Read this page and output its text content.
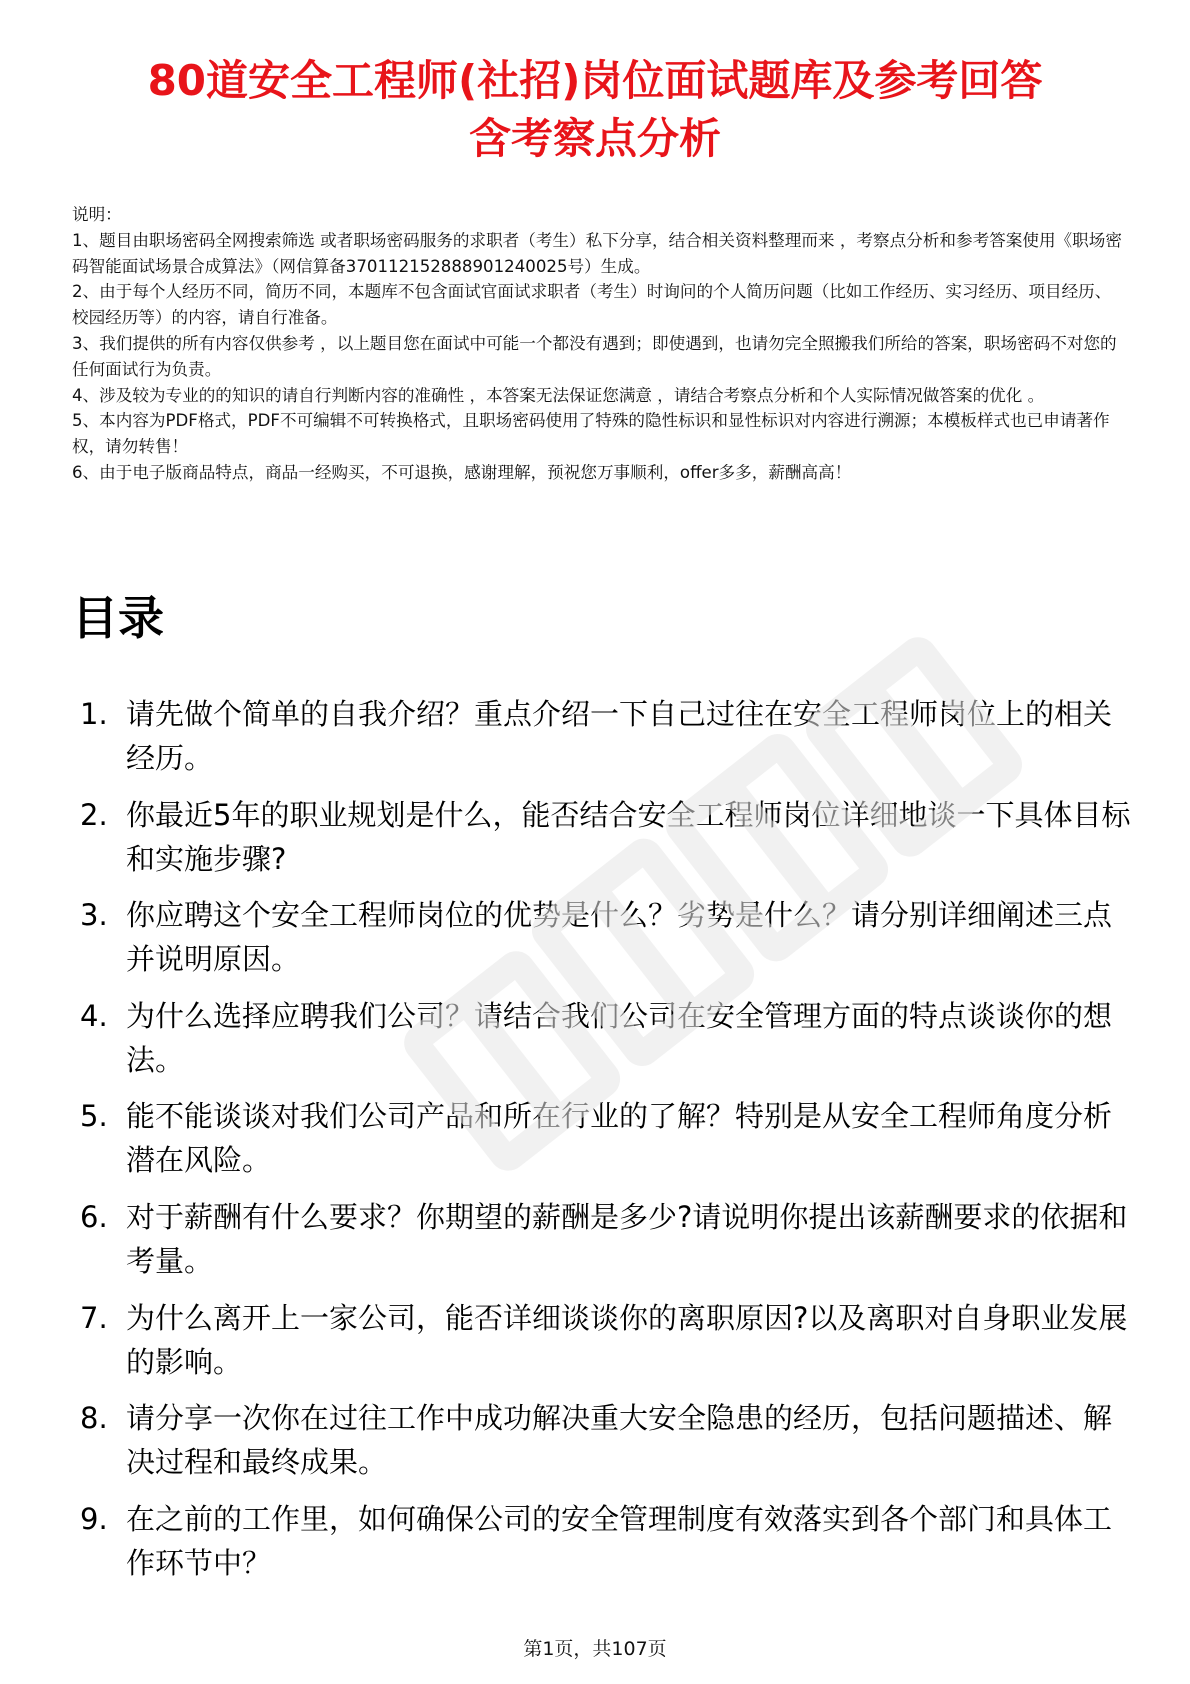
80道安全工程师(社招)岗位面试题库及参考回答
含考察点分析
说明：
1、题目由职场密码全网搜索筛选 或者职场密码服务的求职者（考生）私下分享，结合相关资料整理而来 ，考察点分析和参考答案使用《职场密码智能面试场景合成算法》（网信算备370112152888901240025号）生成。
2、由于每个人经历不同，简历不同，本题库不包含面试官面试求职者（考生）时询问的个人简历问题（比如工作经历、实习经历、项目经历、校园经历等）的内容，请自行准备。
3、我们提供的所有内容仅供参考 ，以上题目您在面试中可能一个都没有遇到；即使遇到，也请勿完全照搬我们所给的答案，职场密码不对您的任何面试行为负责。
4、涉及较为专业的的知识的请自行判断内容的准确性 ，本答案无法保证您满意 ，请结合考察点分析和个人实际情况做答案的优化 。
5、本内容为PDF格式，PDF不可编辑不可转换格式，且职场密码使用了特殊的隐性标识和显性标识对内容进行溯源；本模板样式也已申请著作权，请勿转售！
6、由于电子版商品特点，商品一经购买，不可退换，感谢理解，预祝您万事顺利，offer多多，薪酬高高！
目录
1. 请先做个简单的自我介绍？重点介绍一下自己过往在安全工程师岗位上的相关经历。
2. 你最近5年的职业规划是什么，能否结合安全工程师岗位详细地谈一下具体目标和实施步骤?
3. 你应聘这个安全工程师岗位的优势是什么？劣势是什么？请分别详细阐述三点并说明原因。
4. 为什么选择应聘我们公司？请结合我们公司在安全管理方面的特点谈谈你的想法。
5. 能不能谈谈对我们公司产品和所在行业的了解？特别是从安全工程师角度分析潜在风险。
6. 对于薪酬有什么要求？你期望的薪酬是多少?请说明你提出该薪酬要求的依据和考量。
7. 为什么离开上一家公司，能否详细谈谈你的离职原因?以及离职对自身职业发展的影响。
8. 请分享一次你在过往工作中成功解决重大安全隐患的经历，包括问题描述、解决过程和最终成果。
9. 在之前的工作里，如何确保公司的安全管理制度有效落实到各个部门和具体工作环节中？
第1页，共107页
